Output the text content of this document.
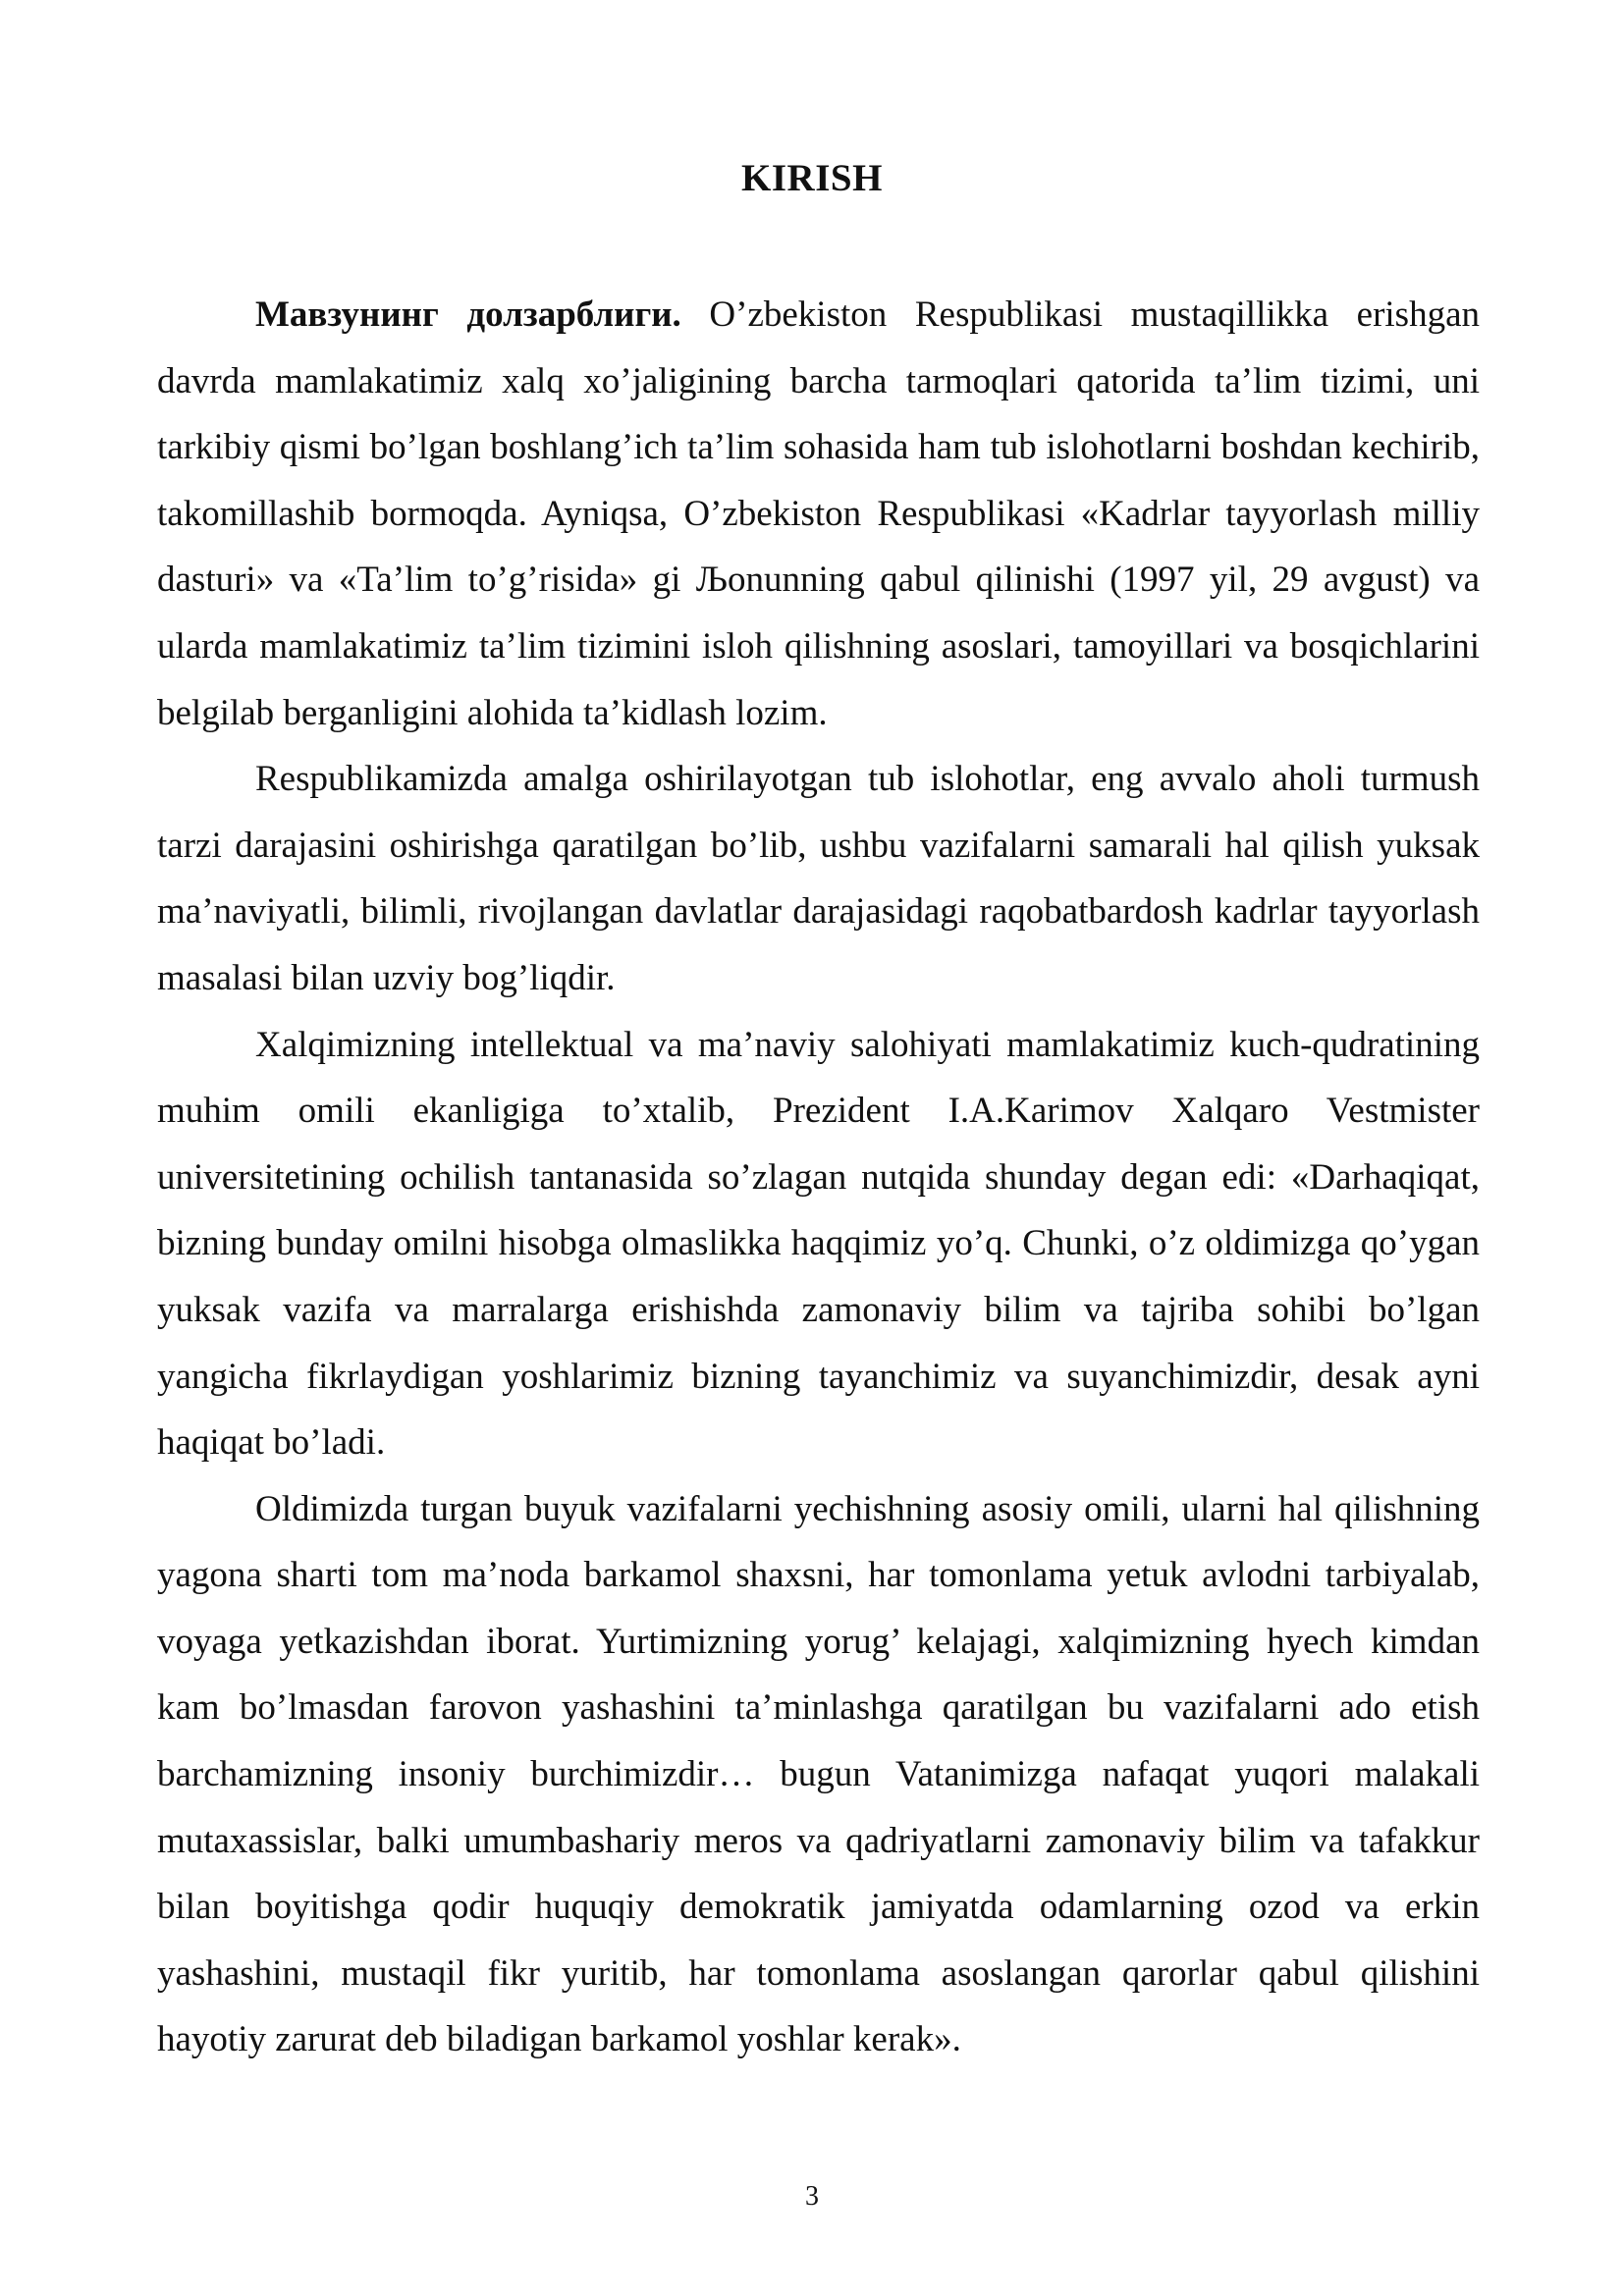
KIRISH

Мавзунинг долзарблиги. O’zbekiston Respublikasi mustaqillikka erishgan davrda mamlakatimiz xalq xo’jaligining barcha tarmoqlari qatorida ta’lim tizimi, uni tarkibiy qismi bo’lgan boshlang’ich ta’lim sohasida ham tub islohotlarni boshdan kechirib, takomillashib bormoqda. Ayniqsa, O’zbekiston Respublikasi «Kadrlar tayyorlash milliy dasturi» va «Ta’lim to’g’risida» gi Љonunning qabul qilinishi (1997 yil, 29 avgust) va ularda mamlakatimiz ta’lim tizimini isloh qilishning asoslari, tamoyillari va bosqichlarini belgilab berganligini alohida ta’kidlash lozim.

Respublikamizda amalga oshirilayotgan tub islohotlar, eng avvalo aholi turmush tarzi darajasini oshirishga qaratilgan bo’lib, ushbu vazifalarni samarali hal qilish yuksak ma’naviyatli, bilimli, rivojlangan davlatlar darajasidagi raqobatbardosh kadrlar tayyorlash masalasi bilan uzviy bog’liqdir.

Xalqimizning intellektual va ma’naviy salohiyati mamlakatimiz kuch-qudratining muhim omili ekanligiga to’xtalib, Prezident I.A.Karimov Xalqaro Vestmister universitetining ochilish tantanasida so’zlagan nutqida shunday degan edi: «Darhaqiqat, bizning bunday omilni hisobga olmaslikka haqqimiz yo’q. Chunki, o’z oldimizga qo’ygan yuksak vazifa va marralarga erishishda zamonaviy bilim va tajriba sohibi bo’lgan yangicha fikrlaydigan yoshlarimiz bizning tayanchimiz va suyanchimizdir, desak ayni haqiqat bo’ladi.

Oldimizda turgan buyuk vazifalarni yechishning asosiy omili, ularni hal qilishning yagona sharti tom ma’noda barkamol shaxsni, har tomonlama yetuk avlodni tarbiyalab, voyaga yetkazishdan iborat. Yurtimizning yorug’ kelajagi, xalqimizning hyech kimdan kam bo’lmasdan farovon yashashini ta’minlashga qaratilgan bu vazifalarni ado etish barchamizning insoniy burchimizdir… bugun Vatanimizga nafaqat yuqori malakali mutaxassislar, balki umumbashariy meros va qadriyatlarni zamonaviy bilim va tafakkur bilan boyitishga qodir huquqiy demokratik jamiyatda odamlarning ozod va erkin yashashini, mustaqil fikr yuritib, har tomonlama asoslangan qarorlar qabul qilishini hayotiy zarurat deb biladigan barkamol yoshlar kerak».

3
